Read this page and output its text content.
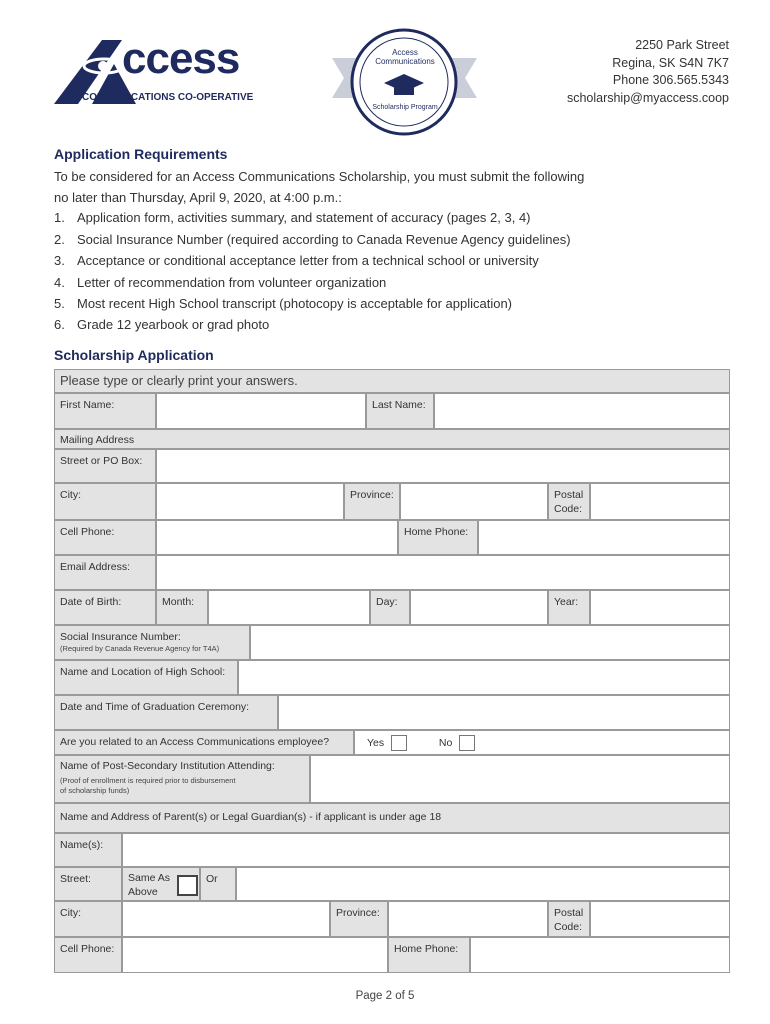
ccess
COMMUNICATIONS CO-OPERATIVE
Access Communications
Scholarship Program
2250 Park Street
Regina, SK S4N 7K7
Phone 306.565.5343
scholarship@myaccess.coop
Application Requirements
To be considered for an Access Communications Scholarship, you must submit the following
no later than Thursday, April 9, 2020, at 4:00 p.m.:
1. Application form, activities summary, and statement of accuracy (pages 2, 3, 4)
2. Social Insurance Number (required according to Canada Revenue Agency guidelines)
3. Acceptance or conditional acceptance letter from a technical school or university
4. Letter of recommendation from volunteer organization
5. Most recent High School transcript (photocopy is acceptable for application)
6. Grade 12 yearbook or grad photo
Scholarship Application
Please type or clearly print your answers.
First Name:	Last Name:
Mailing Address
Street or PO Box:
City:	Province:	Postal
Code:
Cell Phone:	Home Phone:
Email Address:
Date of Birth:	Month:	Day:	Year:
Social Insurance Number:
(Required by Canada Revenue Agency for T4A)
Name and Location of High School:
Date and Time of Graduation Ceremony:
Are you related to an Access Communications employee?	Yes	No
Name of Post-Secondary Institution Attending:
(Proof of enrollment is required prior to disbursement
of scholarship funds)
Name and Address of Parent(s) or Legal Guardian(s) - if applicant is under age 18
Name(s):
Street:	Same As
Above
Or
City:	Province:	Postal
Code:
Cell Phone:	Home Phone:
Page 2 of 5
